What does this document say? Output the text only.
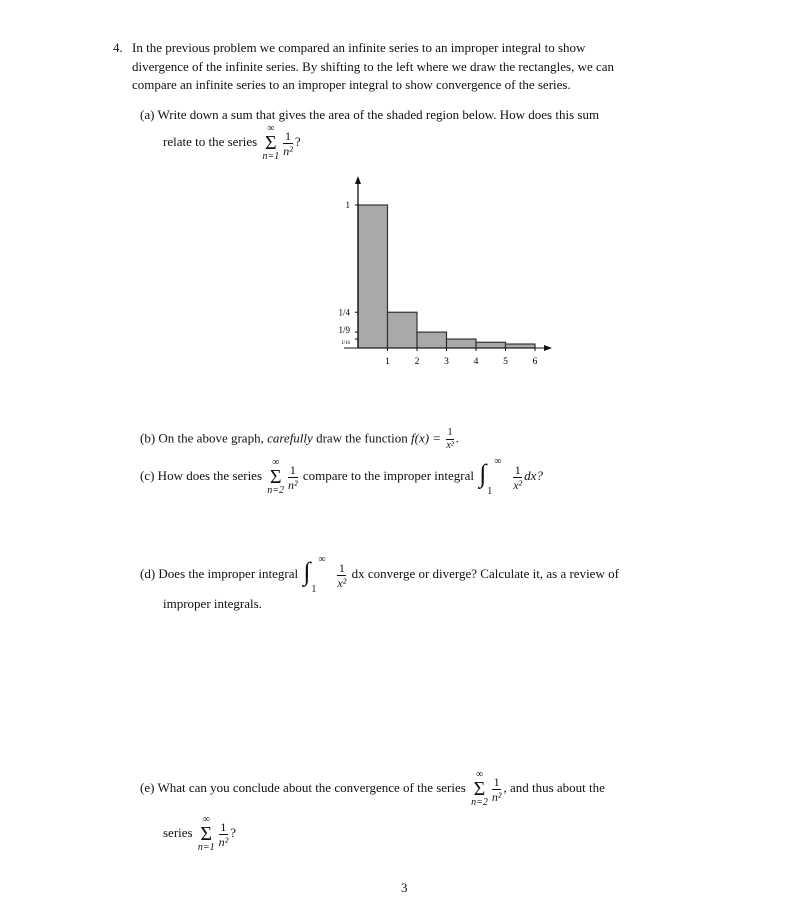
4. In the previous problem we compared an infinite series to an improper integral to show
divergence of the infinite series. By shifting to the left where we draw the rectangles, we can
compare an infinite series to an improper integral to show convergence of the series.
(a) Write down a sum that gives the area of the shaded region below. How does this sum
relate to the series
∞
Σ
$n=1 \frac{1}{\text{n²}}$ ?
1	2	3	4	5	6
1
1/4
1/9
1/16
(b) On the above graph, carefully draw the function $f(x) = \frac{1}{\text{x²}}$ .
(c) How does the series
∞
Σ
$n=2 \frac{1}{\text{n²}}$ compare to the improper integral ∫ ∞
1
$\frac{1}{\text{x²}}$ dx?
(d) Does the improper integral ∫ ∞
1
$\frac{1}{\text{x²}}$ dx converge or diverge? Calculate it, as a review of
improper integrals.
(e) What can you conclude about the convergence of the series
∞
Σ
$n=2 \frac{1}{\text{n²}}$ , and thus about the
series
∞
Σ
$n=1 \frac{1}{\text{n²}}$ ?
3
